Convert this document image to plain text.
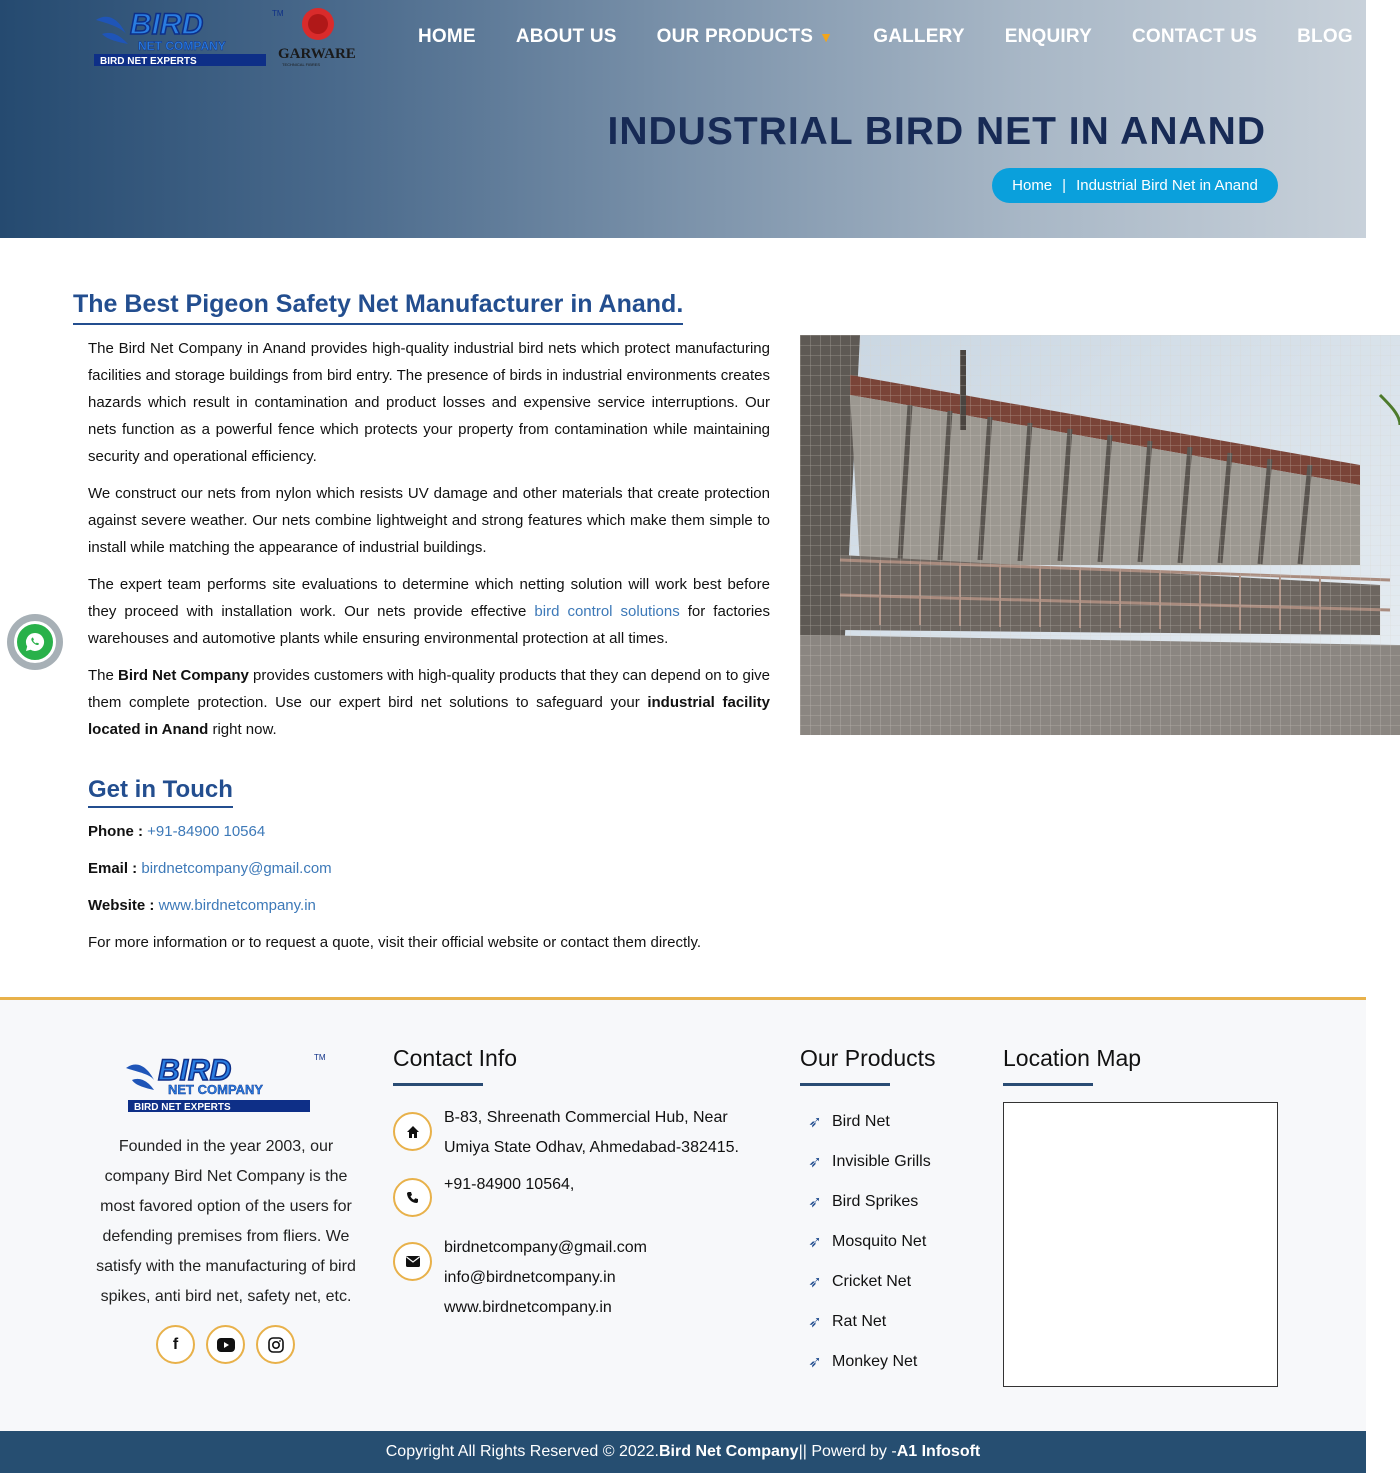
BIRD	TM
NET COMPANY
BIRD NET EXPERTS	GARWARE
TECHNICAL FIBRES
HOME	ABOUT US	OUR PRODUCTS ▼	GALLERY	ENQUIRY	CONTACT US	BLOG
INDUSTRIAL BIRD NET IN ANAND
Home | Industrial Bird Net in Anand
The Best Pigeon Safety Net Manufacturer in Anand.

The Bird Net Company in Anand provides high-quality industrial bird nets which protect manufacturing facilities and storage buildings from bird entry. The presence of birds in industrial environments creates hazards which result in contamination and product losses and expensive service interruptions. Our nets function as a powerful fence which protects your property from contamination while maintaining security and operational efficiency.

We construct our nets from nylon which resists UV damage and other materials that create protection against severe weather. Our nets combine lightweight and strong features which make them simple to install while matching the appearance of industrial buildings.

The expert team performs site evaluations to determine which netting solution will work best before they proceed with installation work. Our nets provide effective bird control solutions for factories warehouses and automotive plants while ensuring environmental protection at all times.

The Bird Net Company provides customers with high-quality products that they can depend on to give them complete protection. Use our expert bird net solutions to safeguard your industrial facility located in Anand right now.

Get in Touch
Phone : +91-84900 10564
Email : birdnetcompany@gmail.com
Website : www.birdnetcompany.in
For more information or to request a quote, visit their official website or contact them directly.
BIRD	TM
NET COMPANY
BIRD NET EXPERTS

Founded in the year 2003, our company Bird Net Company is the most favored option of the users for defending premises from fliers. We satisfy with the manufacturing of bird spikes, anti bird net, safety net, etc.

f
Contact Info
B-83, Shreenath Commercial Hub, Near
Umiya State Odhav, Ahmedabad-382415.
+91-84900 10564,
birdnetcompany@gmail.com
info@birdnetcompany.in
www.birdnetcompany.in
Our Products
➶ Bird Net
➶ Invisible Grills
➶ Bird Sprikes
➶ Mosquito Net
➶ Cricket Net
➶ Rat Net
➶ Monkey Net
Location Map
Copyright All Rights Reserved © 2022. Bird Net Company || Powerd by - A1 Infosoft
